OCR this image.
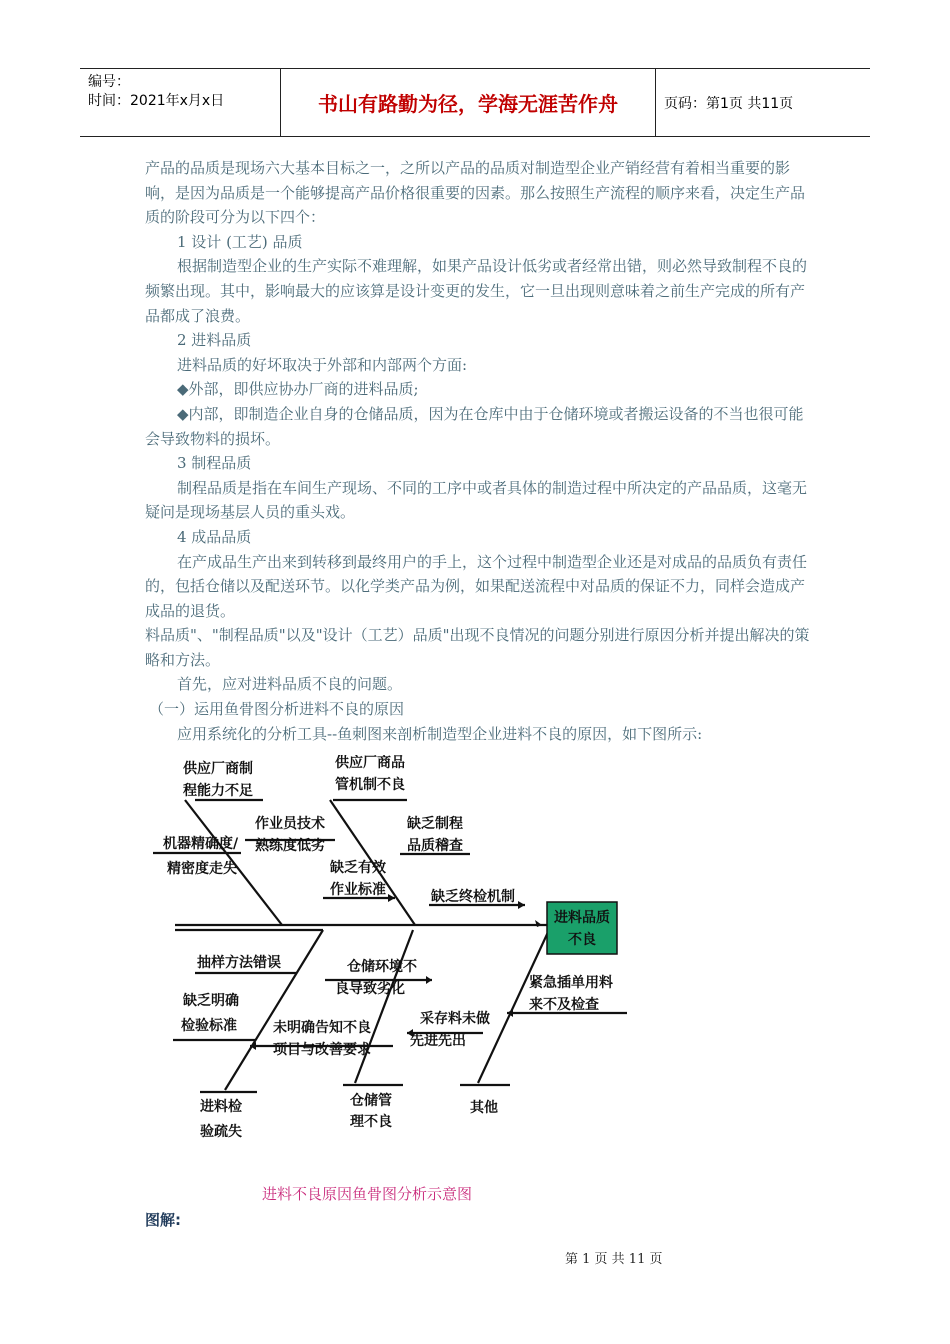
编号：
时间：2021年x月x日	书山有路勤为径，学海无涯苦作舟	页码：第1页 共11页

产品的品质是现场六大基本目标之一，之所以产品的品质对制造型企业产销经营有着相当重要的影响，是因为品质是一个能够提高产品价格很重要的因素。那么按照生产流程的顺序来看，决定生产品质的阶段可分为以下四个：

1 设计 (工艺) 品质

根据制造型企业的生产实际不难理解，如果产品设计低劣或者经常出错，则必然导致制程不良的频繁出现。其中，影响最大的应该算是设计变更的发生，它一旦出现则意味着之前生产完成的所有产品都成了浪费。

2 进料品质

进料品质的好坏取决于外部和内部两个方面:

◆外部，即供应协办厂商的进料品质;

◆内部，即制造企业自身的仓储品质，因为在仓库中由于仓储环境或者搬运设备的不当也很可能会导致物料的损坏。

3 制程品质

制程品质是指在车间生产现场、不同的工序中或者具体的制造过程中所决定的产品品质，这毫无疑问是现场基层人员的重头戏。

4 成品品质

在产成品生产出来到转移到最终用户的手上，这个过程中制造型企业还是对成品的品质负有责任的，包括仓储以及配送环节。以化学类产品为例，如果配送流程中对品质的保证不力，同样会造成产成品的退货。

料品质"、"制程品质"以及"设计（工艺）品质"出现不良情况的问题分别进行原因分析并提出解决的策略和方法。

首先，应对进料品质不良的问题。

（一）运用鱼骨图分析进料不良的原因

应用系统化的分析工具--鱼刺图来剖析制造型企业进料不良的原因，如下图所示:

进料品质
不良
供应厂商制
程能力不足
供应厂商品
管机制不良
作业员技术
熟练度低劣
机器精确度/
精密度走失
缺乏制程
品质稽查
缺乏有效
作业标准	缺乏终检机制
抽样方法错误	仓储环境不
良导致劣化
缺乏明确
检验标准
紧急插单用料
来不及检查
采存料未做
先进先出
未明确告知不良
项目与改善要求
进料检
验疏失
仓储管
理不良
其他
进料不良原因鱼骨图分析示意图
图解:
第 1 页 共 11 页
